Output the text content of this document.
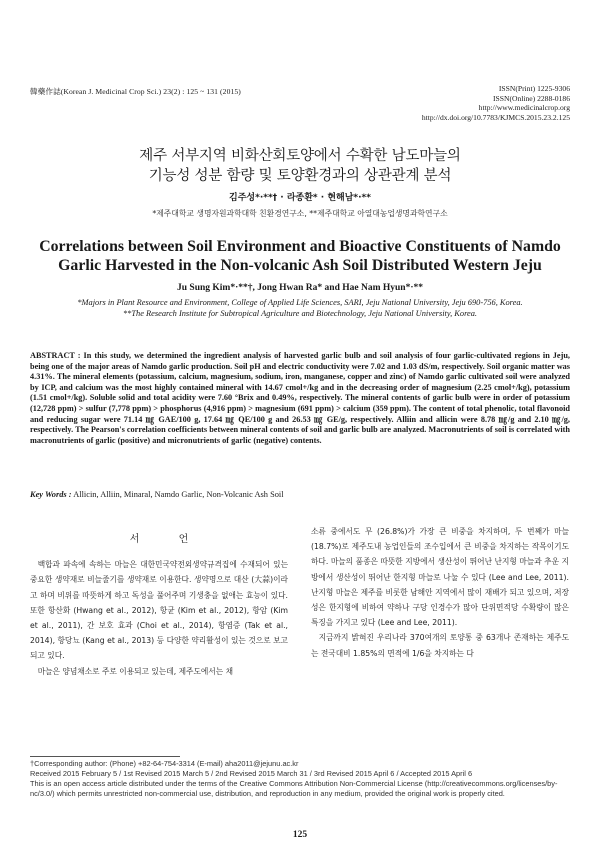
韓藥作誌(Korean J. Medicinal Crop Sci.) 23(2) : 125 ~ 131 (2015)	ISSN(Print) 1225-9306
ISSN(Online) 2288-0186
http://www.medicinalcrop.org
http://dx.doi.org/10.7783/KJMCS.2015.23.2.125
제주 서부지역 비화산회토양에서 수확한 남도마늘의
기능성 성분 함량 및 토양환경과의 상관관계 분석
김주성*·**† · 라종환* · 현해남*·**
*제주대학교 생명자원과학대학 친환경연구소, **제주대학교 아열대농업생명과학연구소
Correlations between Soil Environment and Bioactive Constituents of Namdo
Garlic Harvested in the Non-volcanic Ash Soil Distributed Western Jeju
Ju Sung Kim*·**†, Jong Hwan Ra* and Hae Nam Hyun*·**
*Majors in Plant Resource and Environment, College of Applied Life Sciences, SARI, Jeju National University, Jeju 690-756, Korea.
**The Research Institute for Subtropical Agriculture and Biotechnology, Jeju National University, Korea.
ABSTRACT : In this study, we determined the ingredient analysis of harvested garlic bulb and soil analysis of four garlic-cultivated regions in Jeju, being one of the major areas of Namdo garlic production. Soil pH and electric conductivity were 7.02 and 1.03 dS/m, respectively. Soil organic matter was 4.31%. The mineral elements (potassium, calcium, magnesium, sodium, iron, manganese, copper and zinc) of Namdo garlic cultivated soil were analyzed by ICP, and calcium was the most highly contained mineral with 14.67 cmol+/kg and in the decreasing order of magnesium (2.25 cmol+/kg), potassium (1.51 cmol+/kg). Soluble solid and total acidity were 7.60 °Brix and 0.49%, respectively. The mineral contents of garlic bulb were in order of potassium (12,728 ppm) > sulfur (7,778 ppm) > phosphorus (4,916 ppm) > magnesium (691 ppm) > calcium (359 ppm). The content of total phenolic, total flavonoid and reducing sugar were 71.14 ㎎ GAE/100 g, 17.64 ㎎ QE/100 g and 26.53 ㎎ GE/g, respectively. Alliin and allicin were 8.78 ㎎/g and 2.10 ㎎/g, respectively. The Pearson's correlation coefficients between mineral contents of soil and garlic bulb are analyzed. Macronutrients of soil is correlated with macronutrients of garlic (positive) and micronutrients of garlic (negative) contents.
Key Words : Allicin, Alliin, Minaral, Namdo Garlic, Non-Volcanic Ash Soil
서 언

백합과 파속에 속하는 마늘은 대한민국약전외생약규격집에 수재되어 있는 중요한 생약재로 비늘줄기를 생약재로 이용한다. 생약명으로 대산 (大蒜)이라고 하며 비위를 따뜻하게 하고 독성을 풀어주며 기생충을 없애는 효능이 있다. 또한 항산화 (Hwang et al., 2012), 항균 (Kim et al., 2012), 항암 (Kim et al., 2011), 간 보호 효과 (Choi et al., 2014), 항염증 (Tak et al., 2014), 항당뇨 (Kang et al., 2013) 등 다양한 약리활성이 있는 것으로 보고되고 있다.

마늘은 양념채소로 주로 이용되고 있는데, 제주도에서는 채

소류 중에서도 무 (26.8%)가 가장 큰 비중을 차지하며, 두 번째가 마늘 (18.7%)로 제주도내 농업인들의 조수입에서 큰 비중을 차지하는 작목이기도 하다. 마늘의 품종은 따뜻한 지방에서 생산성이 뛰어난 난지형 마늘과 추운 지방에서 생산성이 뛰어난 한지형 마늘로 나눌 수 있다 (Lee and Lee, 2011). 난지형 마늘은 제주를 비롯한 남해안 지역에서 많이 재배가 되고 있으며, 저장성은 한지형에 비하여 약하나 구당 인경수가 많아 단위면적당 수확량이 많은 특징을 가지고 있다 (Lee and Lee, 2011).

지금까지 밝혀진 우리나라 370여개의 토양통 중 63개나 존재하는 제주도는 전국대비 1.85%의 면적에 1/6을 차지하는 다

†Corresponding author: (Phone) +82-64-754-3314 (E-mail) aha2011@jejunu.ac.kr
Received 2015 February 5 / 1st Revised 2015 March 5 / 2nd Revised 2015 March 31 / 3rd Revised 2015 April 6 / Accepted 2015 April 6
This is an open access article distributed under the terms of the Creative Commons Attribution Non-Commercial License (http://creativecommons.org/licenses/by-nc/3.0/) which permits unrestricted non-commercial use, distribution, and reproduction in any medium, provided the original work is properly cited.
125
